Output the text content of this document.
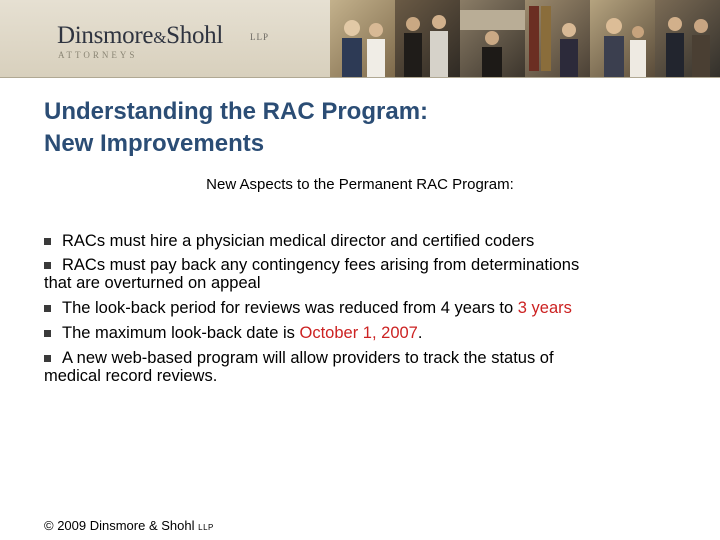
Dinsmore&Shohl	LLP
ATTORNEYS
Understanding the RAC Program:
New Improvements
New Aspects to the Permanent RAC Program:
RACs must hire a physician medical director and certified coders
RACs must pay back any contingency fees arising from determinations
that are overturned on appeal
The look-back period for reviews was reduced from 4 years to 3 years
The maximum look-back date is October 1, 2007.
A new web-based program will allow providers to track the status of
medical record reviews.
© 2009 Dinsmore & Shohl LLP
